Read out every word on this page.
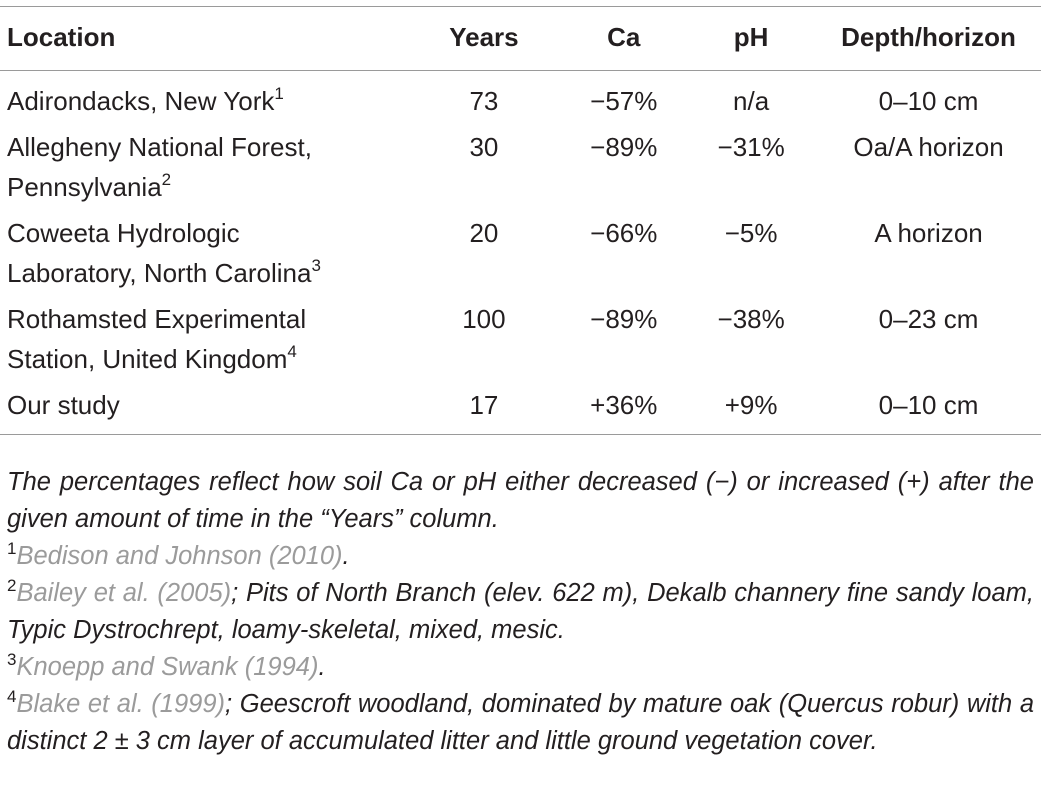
Location	Years	Ca	pH	Depth/horizon
Adirondacks, New York$^1$	73	−57%	n/a	0–10 cm
Allegheny National Forest,
Pennsylvania$^2$	30	−89%	−31%	Oa/A horizon
Coweeta Hydrologic
Laboratory, North Carolina$^3$	20	−66%	−5%	A horizon
Rothamsted Experimental
Station, United Kingdom$^4$	100	−89%	−38%	0–23 cm
Our study	17	+36%	+9%	0–10 cm

The percentages reflect how soil Ca or pH either decreased (−) or increased (+) after the given amount of time in the “Years” column.

$^1$Bedison and Johnson (2010).

$^2$Bailey et al. (2005); Pits of North Branch (elev. 622 m), Dekalb channery fine sandy loam, Typic Dystrochrept, loamy-skeletal, mixed, mesic.

$^3$Knoepp and Swank (1994).

$^4$Blake et al. (1999); Geescroft woodland, dominated by mature oak (Quercus robur) with a distinct 2 ± 3 cm layer of accumulated litter and little ground vegetation cover.
